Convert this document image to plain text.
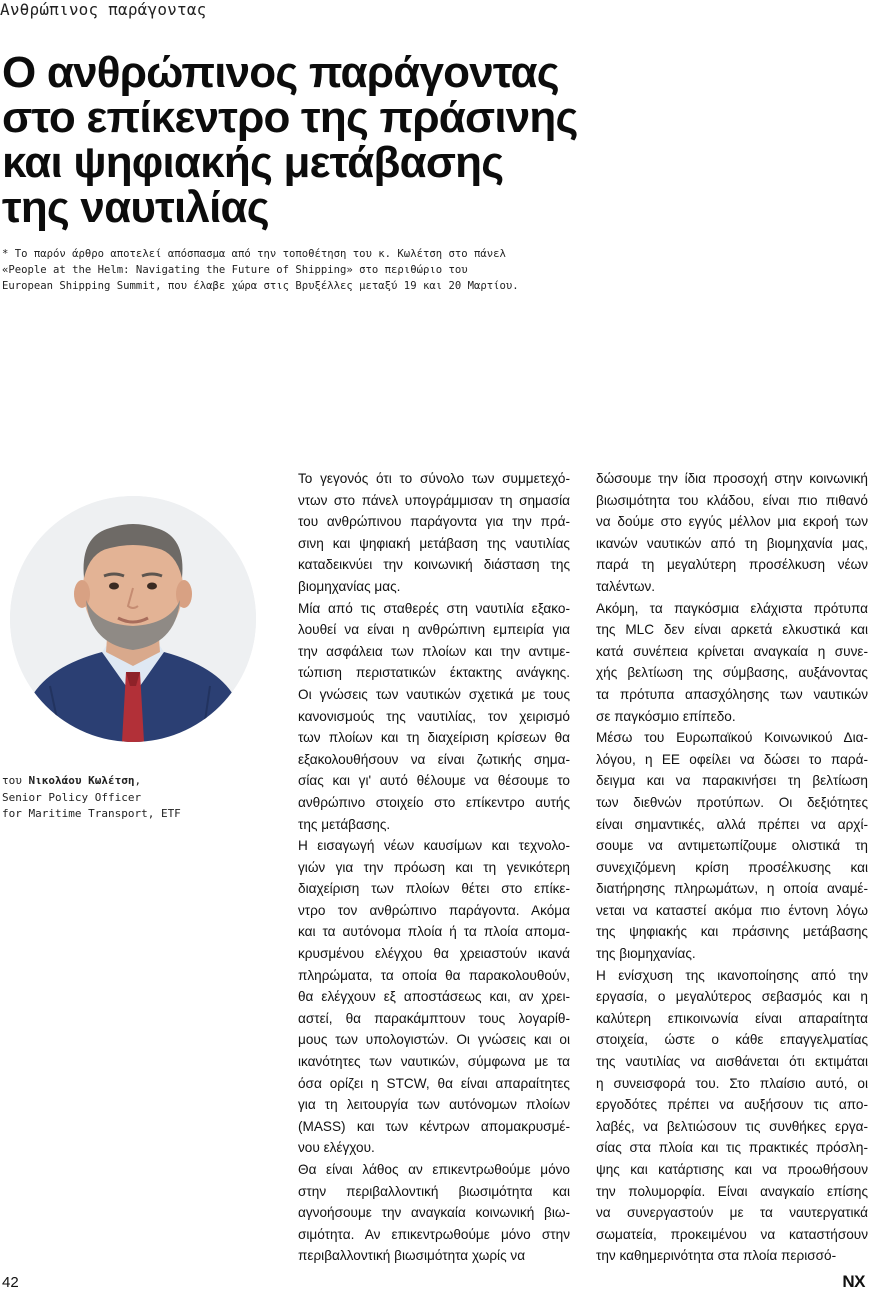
Ανθρώπινος παράγοντας
Ο ανθρώπινος παράγοντας
στο επίκεντρο της πράσινης
και ψηφιακής μετάβασης
της ναυτιλίας
* Το παρόν άρθρο αποτελεί απόσπασμα από την τοποθέτηση του κ. Κωλέτση στο πάνελ
«People at the Helm: Navigating the Future of Shipping» στο περιθώριο του
European Shipping Summit, που έλαβε χώρα στις Βρυξέλλες μεταξύ 19 και 20 Μαρτίου.
του Νικολάου Κωλέτση,
Senior Policy Officer
for Maritime Transport, ETF
Το γεγονός ότι το σύνολο των συμμετεχό-
ντων στο πάνελ υπογράμμισαν τη σημασία
του ανθρώπινου παράγοντα για την πρά-
σινη και ψηφιακή μετάβαση της ναυτιλίας
καταδεικνύει την κοινωνική διάσταση της
βιομηχανίας μας.
Μία από τις σταθερές στη ναυτιλία εξακο-
λουθεί να είναι η ανθρώπινη εμπειρία για
την ασφάλεια των πλοίων και την αντιμε-
τώπιση περιστατικών έκτακτης ανάγκης.
Οι γνώσεις των ναυτικών σχετικά με τους
κανονισμούς της ναυτιλίας, τον χειρισμό
των πλοίων και τη διαχείριση κρίσεων θα
εξακολουθήσουν να είναι ζωτικής σημα-
σίας και γι' αυτό θέλουμε να θέσουμε το
ανθρώπινο στοιχείο στο επίκεντρο αυτής
της μετάβασης.
Η εισαγωγή νέων καυσίμων και τεχνολο-
γιών για την πρόωση και τη γενικότερη
διαχείριση των πλοίων θέτει στο επίκε-
ντρο τον ανθρώπινο παράγοντα. Ακόμα
και τα αυτόνομα πλοία ή τα πλοία απομα-
κρυσμένου ελέγχου θα χρειαστούν ικανά
πληρώματα, τα οποία θα παρακολουθούν,
θα ελέγχουν εξ αποστάσεως και, αν χρει-
αστεί, θα παρακάμπτουν τους λογαρίθ-
μους των υπολογιστών. Οι γνώσεις και οι
ικανότητες των ναυτικών, σύμφωνα με τα
όσα ορίζει η STCW, θα είναι απαραίτητες
για τη λειτουργία των αυτόνομων πλοίων
(MASS) και των κέντρων απομακρυσμέ-
νου ελέγχου.
Θα είναι λάθος αν επικεντρωθούμε μόνο
στην περιβαλλοντική βιωσιμότητα και
αγνοήσουμε την αναγκαία κοινωνική βιω-
σιμότητα. Αν επικεντρωθούμε μόνο στην
περιβαλλοντική βιωσιμότητα χωρίς να
δώσουμε την ίδια προσοχή στην κοινωνική
βιωσιμότητα του κλάδου, είναι πιο πιθανό
να δούμε στο εγγύς μέλλον μια εκροή των
ικανών ναυτικών από τη βιομηχανία μας,
παρά τη μεγαλύτερη προσέλκυση νέων
ταλέντων.
Ακόμη, τα παγκόσμια ελάχιστα πρότυπα
της MLC δεν είναι αρκετά ελκυστικά και
κατά συνέπεια κρίνεται αναγκαία η συνε-
χής βελτίωση της σύμβασης, αυξάνοντας
τα πρότυπα απασχόλησης των ναυτικών
σε παγκόσμιο επίπεδο.
Μέσω του Ευρωπαϊκού Κοινωνικού Δια-
λόγου, η ΕΕ οφείλει να δώσει το παρά-
δειγμα και να παρακινήσει τη βελτίωση
των διεθνών προτύπων. Οι δεξιότητες
είναι σημαντικές, αλλά πρέπει να αρχί-
σουμε να αντιμετωπίζουμε ολιστικά τη
συνεχιζόμενη κρίση προσέλκυσης και
διατήρησης πληρωμάτων, η οποία αναμέ-
νεται να καταστεί ακόμα πιο έντονη λόγω
της ψηφιακής και πράσινης μετάβασης
της βιομηχανίας.
Η ενίσχυση της ικανοποίησης από την
εργασία, ο μεγαλύτερος σεβασμός και η
καλύτερη επικοινωνία είναι απαραίτητα
στοιχεία, ώστε ο κάθε επαγγελματίας
της ναυτιλίας να αισθάνεται ότι εκτιμάται
η συνεισφορά του. Στο πλαίσιο αυτό, οι
εργοδότες πρέπει να αυξήσουν τις απο-
λαβές, να βελτιώσουν τις συνθήκες εργα-
σίας στα πλοία και τις πρακτικές πρόσλη-
ψης και κατάρτισης και να προωθήσουν
την πολυμορφία. Είναι αναγκαίο επίσης
να συνεργαστούν με τα ναυτεργατικά
σωματεία, προκειμένου να καταστήσουν
την καθημερινότητα στα πλοία περισσό-
42	NX
